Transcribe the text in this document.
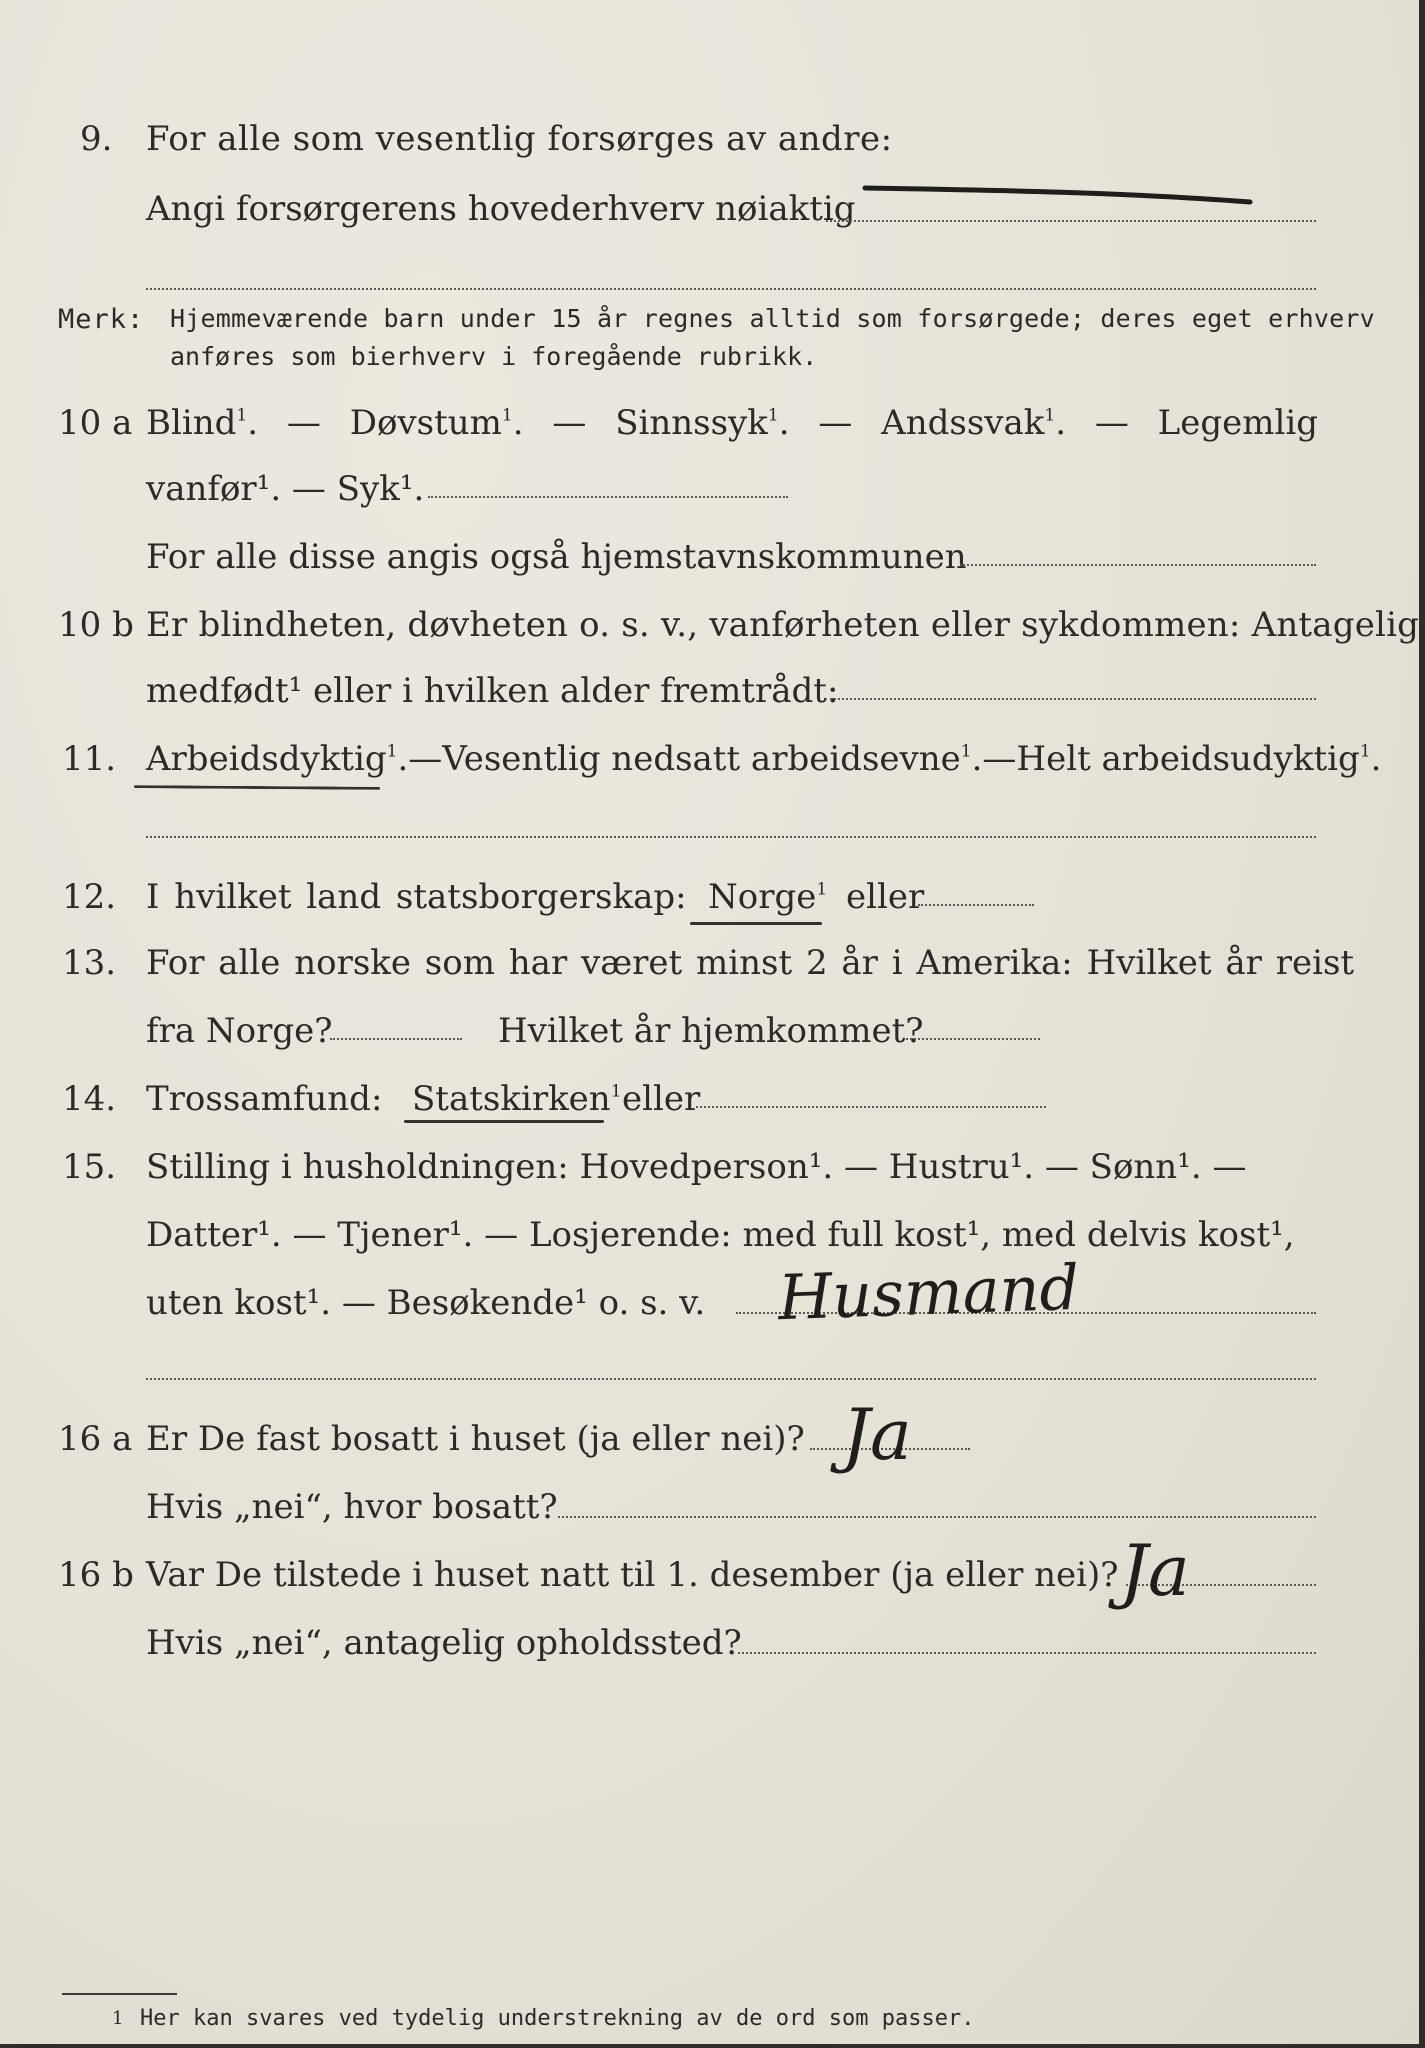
9. For alle som vesentlig forsørges av andre:
Angi forsørgerens hovederhverv nøiaktig
Merk: Hjemmeværende barn under 15 år regnes alltid som forsørgede; deres eget erhverv
anføres som bierhverv i foregående rubrikk.
10 a Blind$^1$. — Døvstum$^1$. — Sinnssyk$^1$. — Andssvak$^1$. — Legemlig
vanfør¹. — Syk¹.
For alle disse angis også hjemstavnskommunen
10 b Er blindheten, døvheten o. s. v., vanførheten eller sykdommen: Antagelig
medfødt¹ eller i hvilken alder fremtrådt:
11. Arbeidsdyktig$^1$. — Vesentlig nedsatt arbeidsevne$^1$. — Helt arbeidsudyktig$^1$.
12. I hvilket land statsborgerskap: Norge$^1$ eller
13. For alle norske som har været minst 2 år i Amerika: Hvilket år reist
fra Norge?	Hvilket år hjemkommet?
14. Trossamfund: Statskirken$^1$ eller
15. Stilling i husholdningen: Hovedperson¹. — Hustru¹. — Sønn¹. —
Datter¹. — Tjener¹. — Losjerende: med full kost¹, med delvis kost¹,
uten kost¹. — Besøkende¹ o. s. v. Husmand
16 a Er De fast bosatt i huset (ja eller nei)? Ja
Hvis „nei“, hvor bosatt?
16 b Var De tilstede i huset natt til 1. desember (ja eller nei)? Ja
Hvis „nei“, antagelig opholdssted?
1 Her kan svares ved tydelig understrekning av de ord som passer.
